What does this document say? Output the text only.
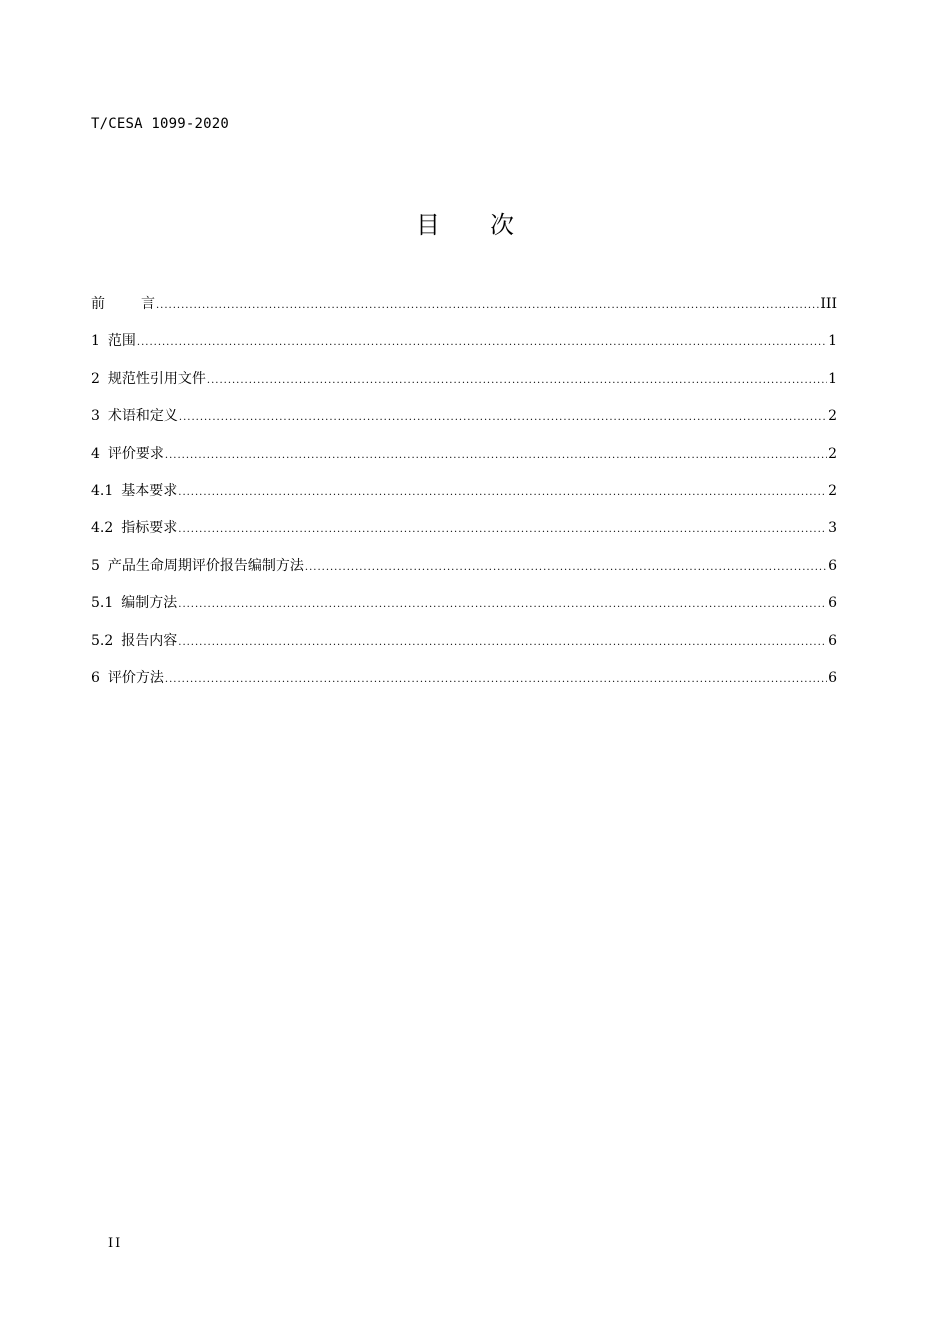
T/CESA 1099-2020
目 次
前	言 .....	III
1 范围 .....	1
2 规范性引用文件 .....	1
3 术语和定义 .....	2
4 评价要求 .....	2
4.1 基本要求 .....	2
4.2 指标要求 .....	3
5 产品生命周期评价报告编制方法 .....	6
5.1 编制方法 .....	6
5.2 报告内容 .....	6
6 评价方法 .....	6
II
